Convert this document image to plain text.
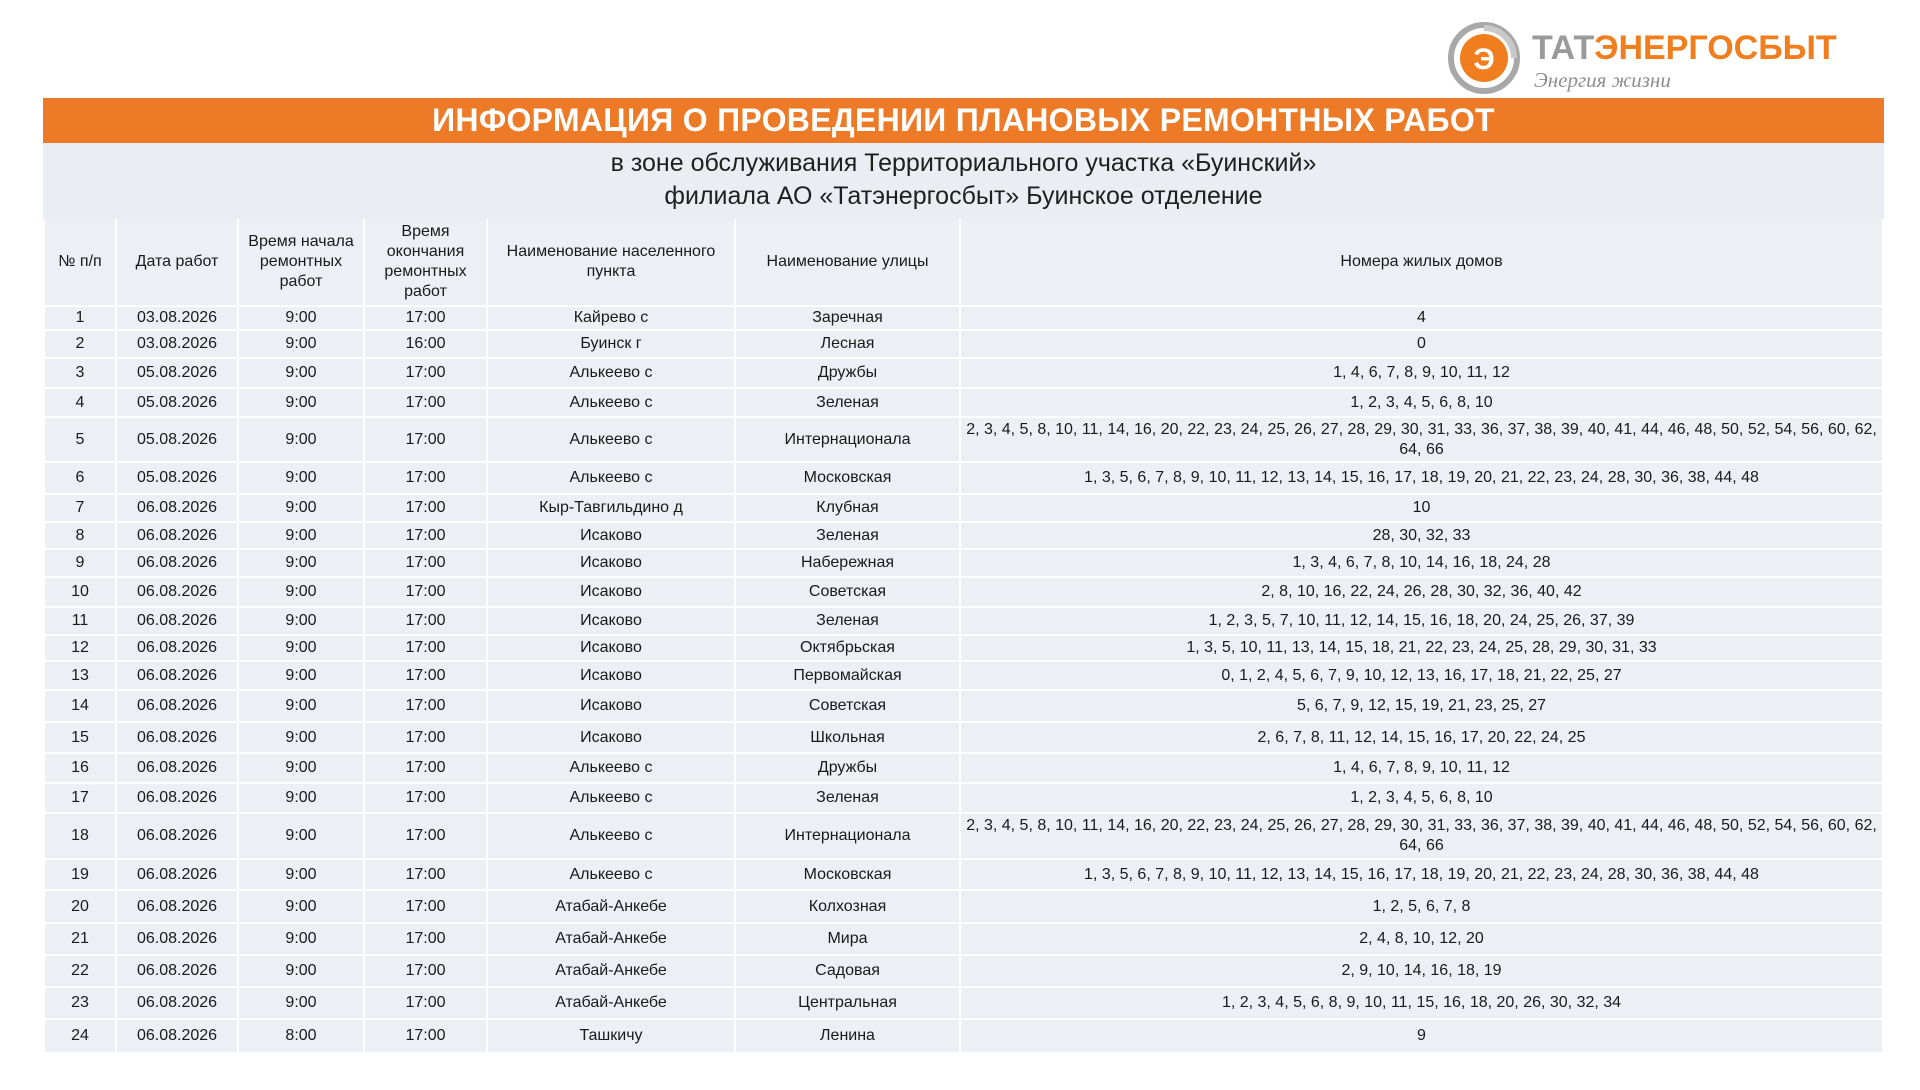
Э ТАТЭНЕРГОСБЫТ
Энергия жизни
ИНФОРМАЦИЯ О ПРОВЕДЕНИИ ПЛАНОВЫХ РЕМОНТНЫХ РАБОТ
в зоне обслуживания Территориального участка «Буинский»
филиала АО «Татэнергосбыт» Буинское отделение
№ п/п	Дата работ	Время начала ремонтных работ	Время окончания ремонтных работ	Наименование населенного пункта	Наименование улицы	Номера жилых домов
1	03.08.2026	9:00	17:00	Кайрево с	Заречная	4
2	03.08.2026	9:00	16:00	Буинск г	Лесная	0
3	05.08.2026	9:00	17:00	Алькеево с	Дружбы	1, 4, 6, 7, 8, 9, 10, 11, 12
4	05.08.2026	9:00	17:00	Алькеево с	Зеленая	1, 2, 3, 4, 5, 6, 8, 10
5	05.08.2026	9:00	17:00	Алькеево с	Интернационала	2, 3, 4, 5, 8, 10, 11, 14, 16, 20, 22, 23, 24, 25, 26, 27, 28, 29, 30, 31, 33, 36, 37, 38, 39, 40, 41, 44, 46, 48, 50, 52, 54, 56, 60, 62, 64, 66
6	05.08.2026	9:00	17:00	Алькеево с	Московская	1, 3, 5, 6, 7, 8, 9, 10, 11, 12, 13, 14, 15, 16, 17, 18, 19, 20, 21, 22, 23, 24, 28, 30, 36, 38, 44, 48
7	06.08.2026	9:00	17:00	Кыр-Тавгильдино д	Клубная	10
8	06.08.2026	9:00	17:00	Исаково	Зеленая	28, 30, 32, 33
9	06.08.2026	9:00	17:00	Исаково	Набережная	1, 3, 4, 6, 7, 8, 10, 14, 16, 18, 24, 28
10	06.08.2026	9:00	17:00	Исаково	Советская	2, 8, 10, 16, 22, 24, 26, 28, 30, 32, 36, 40, 42
11	06.08.2026	9:00	17:00	Исаково	Зеленая	1, 2, 3, 5, 7, 10, 11, 12, 14, 15, 16, 18, 20, 24, 25, 26, 37, 39
12	06.08.2026	9:00	17:00	Исаково	Октябрьская	1, 3, 5, 10, 11, 13, 14, 15, 18, 21, 22, 23, 24, 25, 28, 29, 30, 31, 33
13	06.08.2026	9:00	17:00	Исаково	Первомайская	0, 1, 2, 4, 5, 6, 7, 9, 10, 12, 13, 16, 17, 18, 21, 22, 25, 27
14	06.08.2026	9:00	17:00	Исаково	Советская	5, 6, 7, 9, 12, 15, 19, 21, 23, 25, 27
15	06.08.2026	9:00	17:00	Исаково	Школьная	2, 6, 7, 8, 11, 12, 14, 15, 16, 17, 20, 22, 24, 25
16	06.08.2026	9:00	17:00	Алькеево с	Дружбы	1, 4, 6, 7, 8, 9, 10, 11, 12
17	06.08.2026	9:00	17:00	Алькеево с	Зеленая	1, 2, 3, 4, 5, 6, 8, 10
18	06.08.2026	9:00	17:00	Алькеево с	Интернационала	2, 3, 4, 5, 8, 10, 11, 14, 16, 20, 22, 23, 24, 25, 26, 27, 28, 29, 30, 31, 33, 36, 37, 38, 39, 40, 41, 44, 46, 48, 50, 52, 54, 56, 60, 62, 64, 66
19	06.08.2026	9:00	17:00	Алькеево с	Московская	1, 3, 5, 6, 7, 8, 9, 10, 11, 12, 13, 14, 15, 16, 17, 18, 19, 20, 21, 22, 23, 24, 28, 30, 36, 38, 44, 48
20	06.08.2026	9:00	17:00	Атабай-Анкебе	Колхозная	1, 2, 5, 6, 7, 8
21	06.08.2026	9:00	17:00	Атабай-Анкебе	Мира	2, 4, 8, 10, 12, 20
22	06.08.2026	9:00	17:00	Атабай-Анкебе	Садовая	2, 9, 10, 14, 16, 18, 19
23	06.08.2026	9:00	17:00	Атабай-Анкебе	Центральная	1, 2, 3, 4, 5, 6, 8, 9, 10, 11, 15, 16, 18, 20, 26, 30, 32, 34
24	06.08.2026	8:00	17:00	Ташкичу	Ленина	9
